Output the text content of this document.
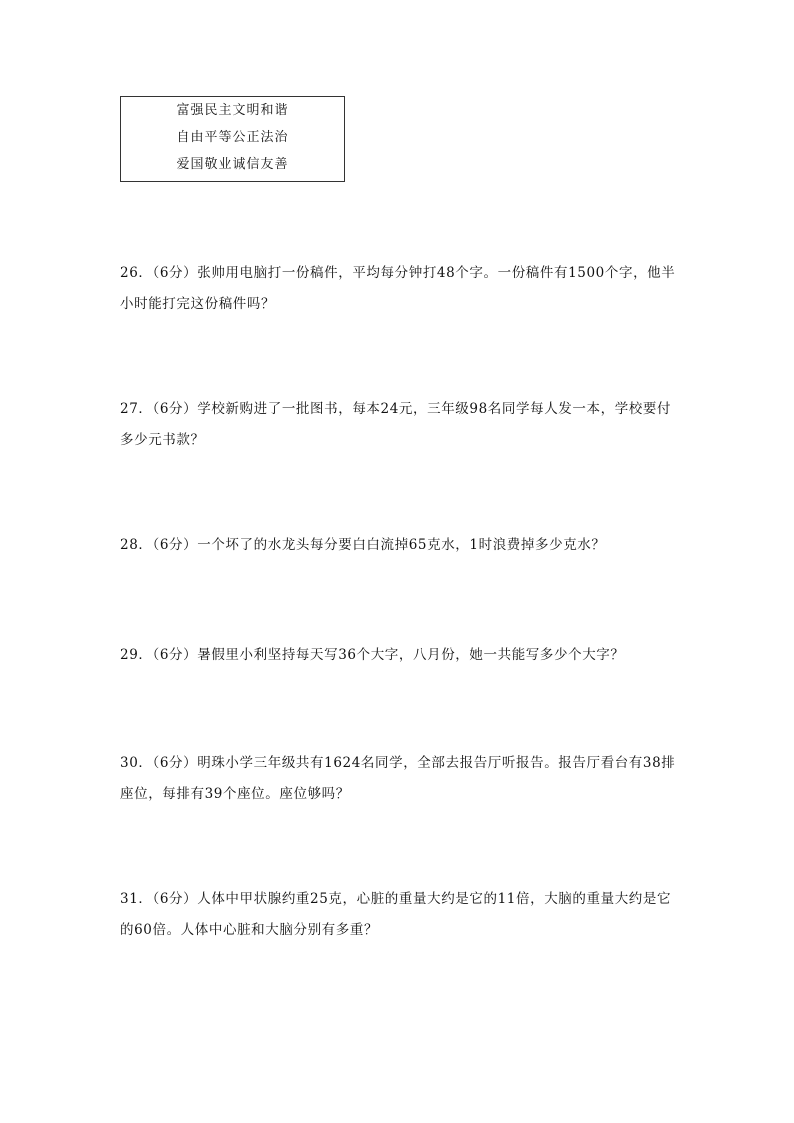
富强民主文明和谐
自由平等公正法治
爱国敬业诚信友善
26．（6分）张帅用电脑打一份稿件，平均每分钟打48个字。一份稿件有1500个字，他半小时能打完这份稿件吗？
27．（6分）学校新购进了一批图书，每本24元，三年级98名同学每人发一本，学校要付多少元书款？
28．（6分）一个坏了的水龙头每分要白白流掉65克水，1时浪费掉多少克水？
29．（6分）暑假里小利坚持每天写36个大字，八月份，她一共能写多少个大字？
30．（6分）明珠小学三年级共有1624名同学，全部去报告厅听报告。报告厅看台有38排座位，每排有39个座位。座位够吗？
31．（6分）人体中甲状腺约重25克，心脏的重量大约是它的11倍，大脑的重量大约是它的60倍。人体中心脏和大脑分别有多重？
